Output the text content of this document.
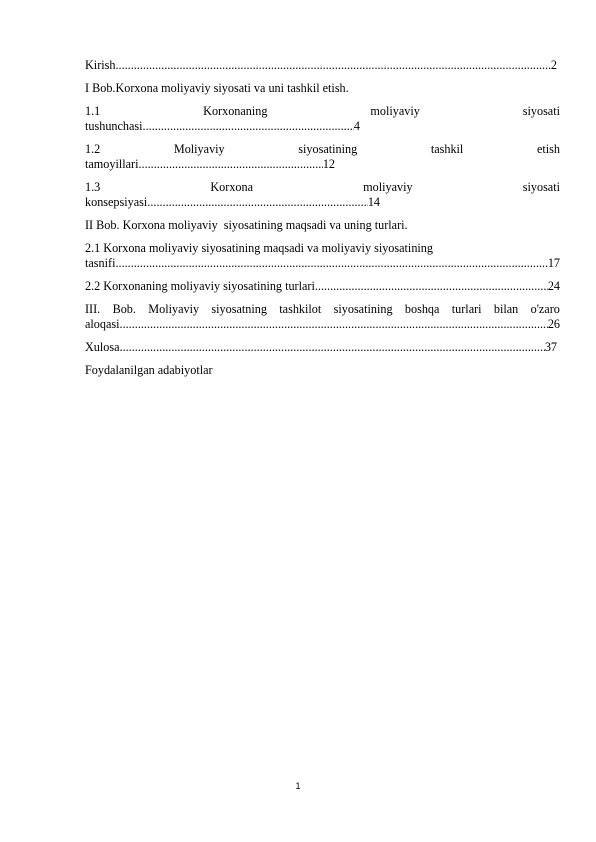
Kirish .....	2
I Bob.Korxona moliyaviy siyosati va uni tashkil etish.
1.1	Korxonaning	moliyaviy	siyosati
tushunchasi .....	4
1.2	Moliyaviy	siyosatining	tashkil	etish
tamoyillari .....	12
1.3	Korxona	moliyaviy	siyosati
konsepsiyasi .....	14
II Bob. Korxona moliyaviy  siyosatining maqsadi va uning turlari.
2.1 Korxona moliyaviy siyosatining maqsadi va moliyaviy siyosatining
tasnifi .....	17
2.2 Korxonaning moliyaviy siyosatining turlari .....	24
III. Bob. Moliyaviy siyosatning tashkilot siyosatining boshqa turlari bilan o'zaro
aloqasi .....	26
Xulosa .....	37
Foydalanilgan adabiyotlar
1
